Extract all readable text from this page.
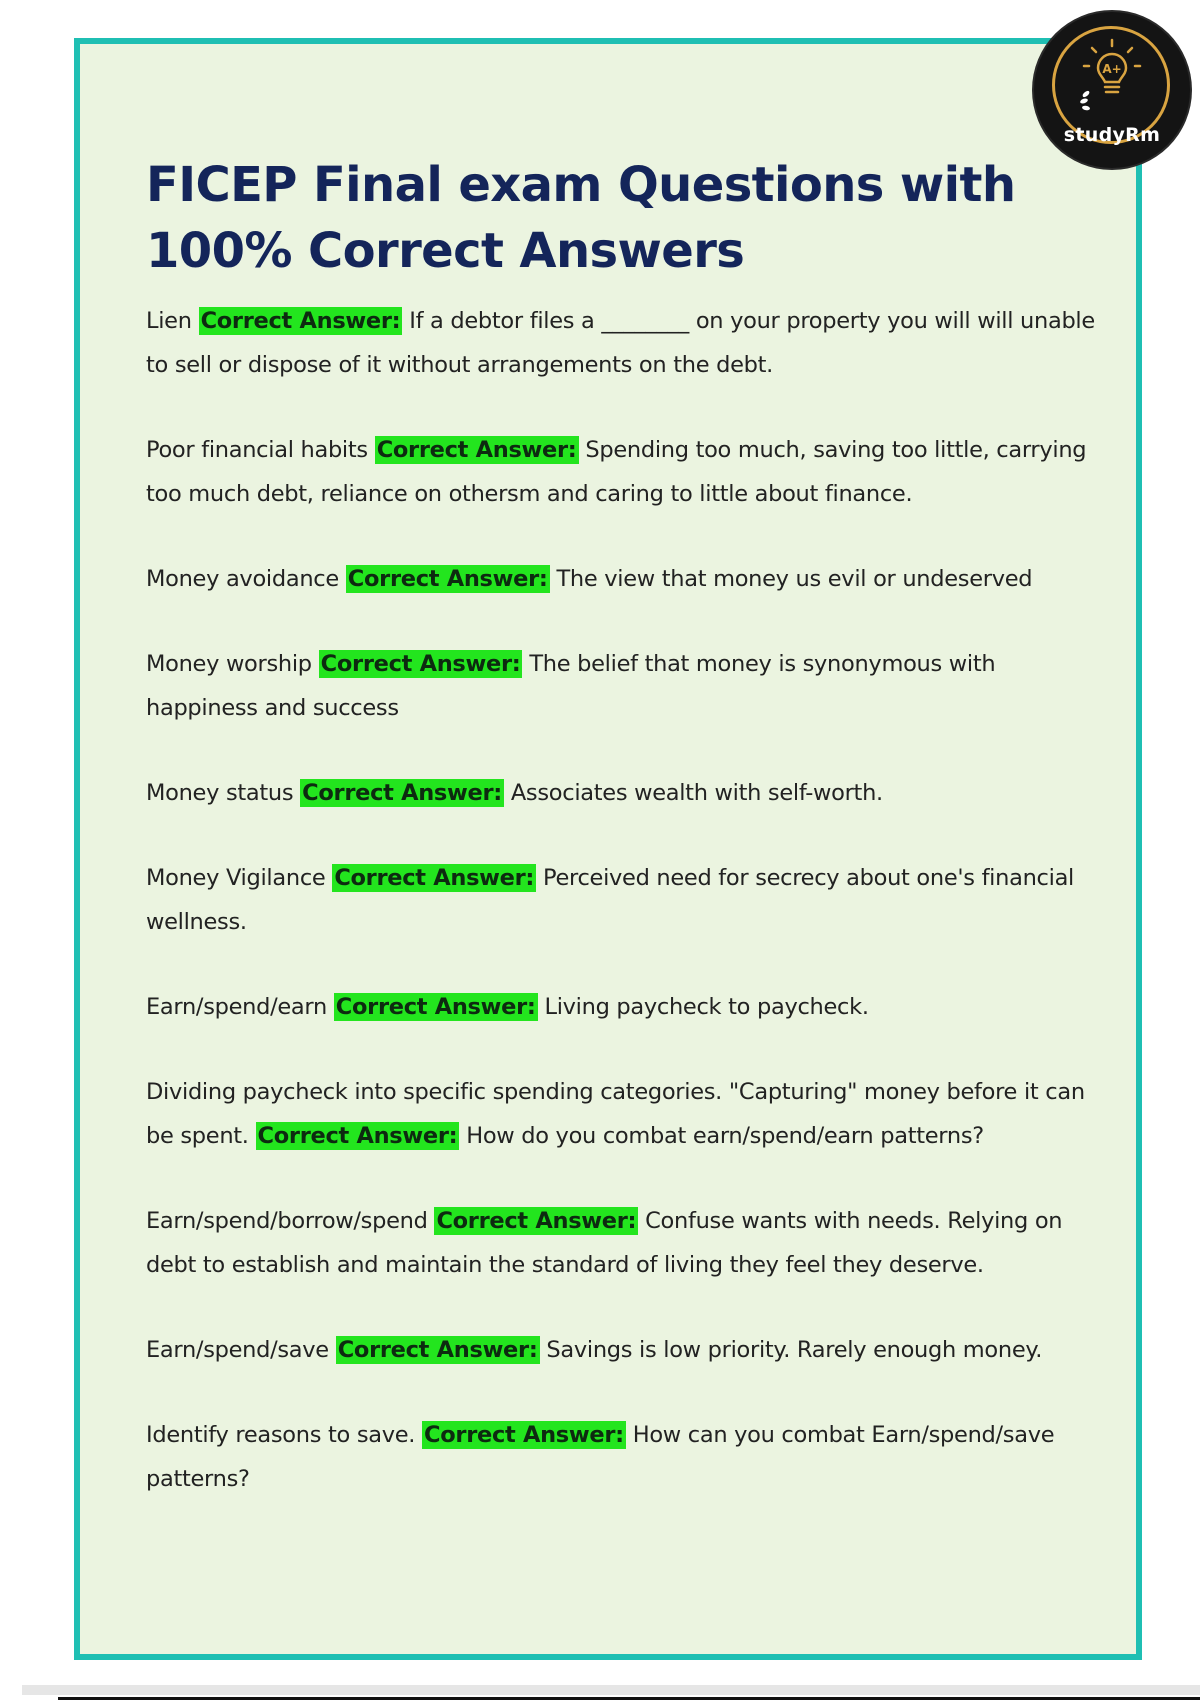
A+
studyRm
FICEP Final exam Questions with 100% Correct Answers

Lien Correct Answer: If a debtor files a ________ on your property you will will unable to sell or dispose of it without arrangements on the debt.

Poor financial habits Correct Answer: Spending too much, saving too little, carrying too much debt, reliance on othersm and caring to little about finance.

Money avoidance Correct Answer: The view that money us evil or undeserved

Money worship Correct Answer: The belief that money is synonymous with happiness and success

Money status Correct Answer: Associates wealth with self-worth.

Money Vigilance Correct Answer: Perceived need for secrecy about one's financial wellness.

Earn/spend/earn Correct Answer: Living paycheck to paycheck.

Dividing paycheck into specific spending categories. "Capturing" money before it can be spent. Correct Answer: How do you combat earn/spend/earn patterns?

Earn/spend/borrow/spend Correct Answer: Confuse wants with needs. Relying on debt to establish and maintain the standard of living they feel they deserve.

Earn/spend/save Correct Answer: Savings is low priority. Rarely enough money.

Identify reasons to save. Correct Answer: How can you combat Earn/spend/save patterns?
